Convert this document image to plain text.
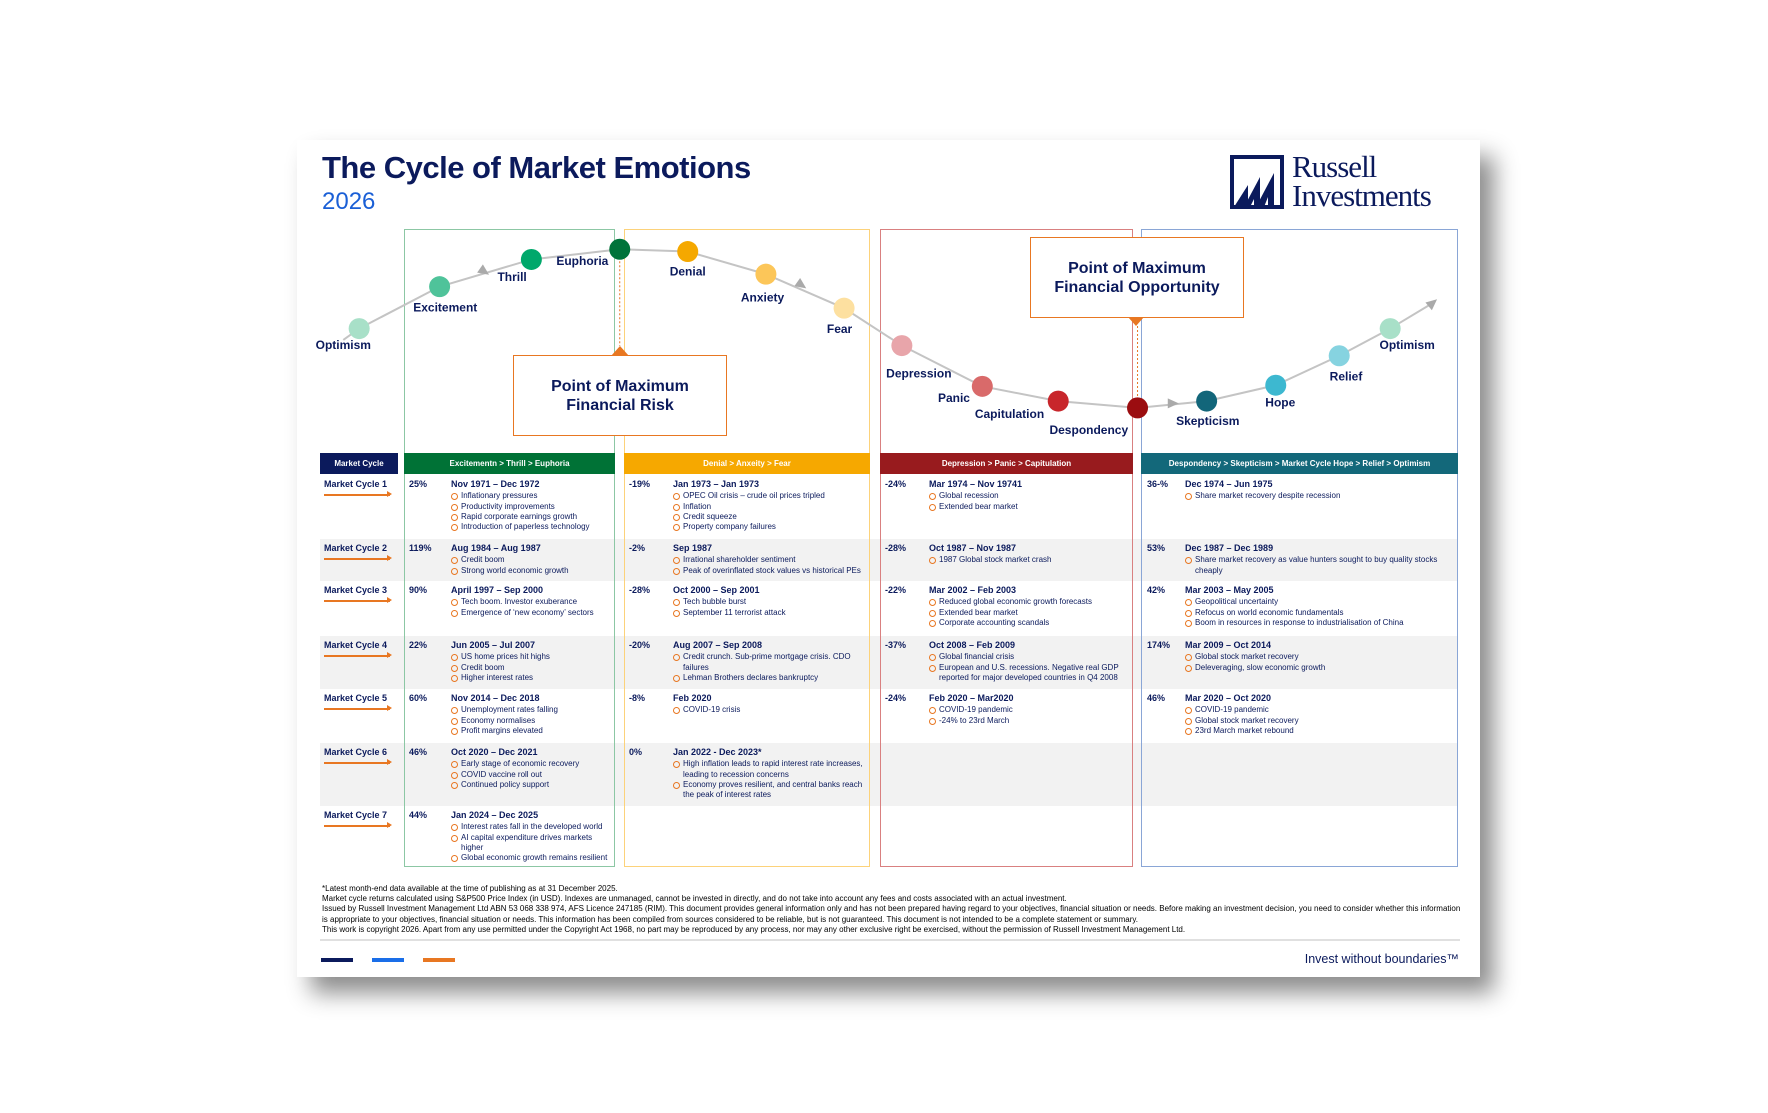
The Cycle of Market Emotions
2026
Russell
Investments
Excitementn > Thrill > Euphoria	Denial > Anxeity > Fear	Depression > Panic > Capitulation	Despondency > Skepticism > Market Cycle Hope > Relief > Optimism
Market Cycle
Market Cycle 1 25%	Nov 1971 – Dec 1972
Inflationary pressures
Productivity improvements
Rapid corporate earnings growth
Introduction of paperless technology
-19%	Jan 1973 – Jan 1973
OPEC Oil crisis – crude oil prices tripled
Inflation
Credit squeeze
Property company failures
-24%	Mar 1974 – Nov 19741
Global recession
Extended bear market
36-% Dec 1974 – Jun 1975
Share market recovery despite recession
Market Cycle 2 119% Aug 1984 – Aug 1987
Credit boom
Strong world economic growth
-2%	Sep 1987
Irrational shareholder sentiment
Peak of overinflated stock values vs historical PEs
-28%	Oct 1987 – Nov 1987
1987 Global stock market crash
53% Dec 1987 – Dec 1989
Share market recovery as value hunters sought to buy quality stocks cheaply
Market Cycle 3 90%	April 1997 – Sep 2000
Tech boom. Investor exuberance
Emergence of ‘new economy’ sectors
-28%	Oct 2000 – Sep 2001
Tech bubble burst
September 11 terrorist attack
-22%	Mar 2002 – Feb 2003
Reduced global economic growth forecasts
Extended bear market
Corporate accounting scandals
42% Mar 2003 – May 2005
Geopolitical uncertainty
Refocus on world economic fundamentals
Boom in resources in response to industrialisation of China
Market Cycle 4 22%	Jun 2005 – Jul 2007
US home prices hit highs
Credit boom
Higher interest rates
-20%	Aug 2007 – Sep 2008
Credit crunch. Sub-prime mortgage crisis. CDO failures
Lehman Brothers declares bankruptcy
-37%	Oct 2008 – Feb 2009
Global financial crisis
European and U.S. recessions. Negative real GDP reported for major developed countries in Q4 2008
174% Mar 2009 – Oct 2014
Global stock market recovery
Deleveraging, slow economic growth
Market Cycle 5 60%	Nov 2014 – Dec 2018
Unemployment rates falling
Economy normalises
Profit margins elevated
-8%	Feb 2020
COVID-19 crisis
-24%	Feb 2020 – Mar2020
COVID-19 pandemic
-24% to 23rd March
46% Mar 2020 – Oct 2020
COVID-19 pandemic
Global stock market recovery
23rd March market rebound
Market Cycle 6 46%	Oct 2020 – Dec 2021
Early stage of economic recovery
COVID vaccine roll out
Continued policy support
0%	Jan 2022 - Dec 2023*
High inflation leads to rapid interest rate increases, leading to recession concerns
Economy proves resilient, and central banks reach the peak of interest rates
Market Cycle 7 44%	Jan 2024 – Dec 2025
Interest rates fall in the developed world
AI capital expenditure drives markets higher
Global economic growth remains resilient
Optimism
Excitement
Thrill
Euphoria
Denial
Anxiety
Fear
Depression
Panic
Capitulation
Despondency
Skepticism
Hope
Relief
Optimism
Point of Maximum Financial Risk
Point of Maximum Financial Opportunity
*Latest month-end data available at the time of publishing as at 31 December 2025.
Market cycle returns calculated using S&P500 Price Index (in USD). Indexes are unmanaged, cannot be invested in directly, and do not take into account any fees and costs associated with an actual investment.
Issued by Russell Investment Management Ltd ABN 53 068 338 974, AFS Licence 247185 (RIM). This document provides general information only and has not been prepared having regard to your objectives, financial situation or needs. Before making an investment decision, you need to consider whether this information is appropriate to your objectives, financial situation or needs. This information has been compiled from sources considered to be reliable, but is not guaranteed. This document is not intended to be a complete statement or summary.
This work is copyright 2026. Apart from any use permitted under the Copyright Act 1968, no part may be reproduced by any process, nor may any other exclusive right be exercised, without the permission of Russell Investment Management Ltd.
Invest without boundaries™
